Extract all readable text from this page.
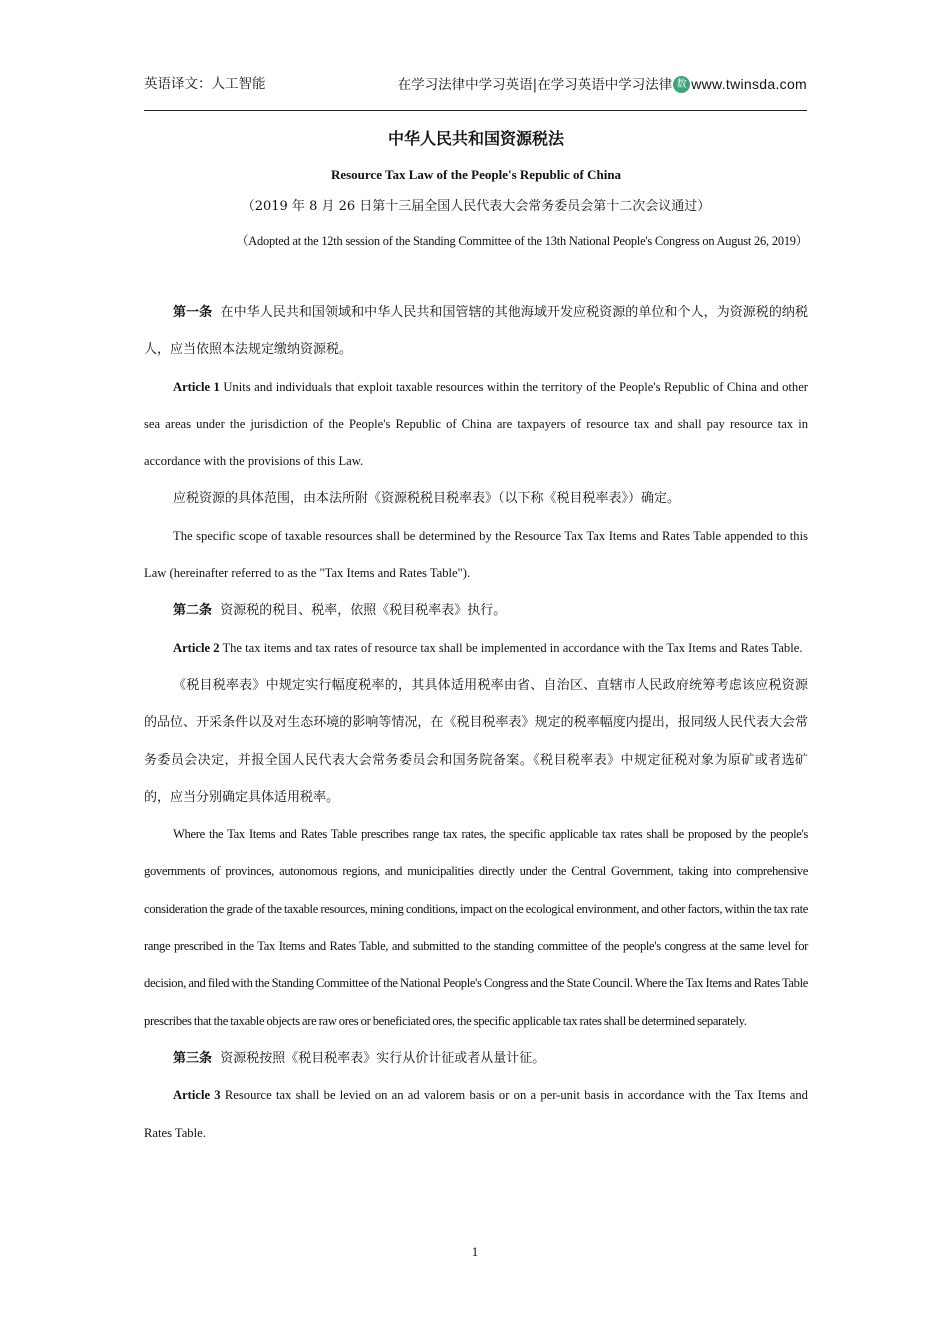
英语译文：人工智能	在学习法律中学习英语|在学习英语中学习法律 数 www.twinsda.com
中华人民共和国资源税法
Resource Tax Law of the People's Republic of China
（2019 年 8 月 26 日第十三届全国人民代表大会常务委员会第十二次会议通过）
（Adopted at the 12th session of the Standing Committee of the 13th National People's Congress on August 26, 2019）

第一条 在中华人民共和国领域和中华人民共和国管辖的其他海域开发应税资源的单位和个人，为资源税的纳税人，应当依照本法规定缴纳资源税。

Article 1 Units and individuals that exploit taxable resources within the territory of the People's Republic of China and other sea areas under the jurisdiction of the People's Republic of China are taxpayers of resource tax and shall pay resource tax in accordance with the provisions of this Law.

应税资源的具体范围，由本法所附《资源税税目税率表》（以下称《税目税率表》）确定。

The specific scope of taxable resources shall be determined by the Resource Tax Tax Items and Rates Table appended to this Law (hereinafter referred to as the "Tax Items and Rates Table").

第二条 资源税的税目、税率，依照《税目税率表》执行。

Article 2 The tax items and tax rates of resource tax shall be implemented in accordance with the Tax Items and Rates Table.

《税目税率表》中规定实行幅度税率的，其具体适用税率由省、自治区、直辖市人民政府统筹考虑该应税资源的品位、开采条件以及对生态环境的影响等情况，在《税目税率表》规定的税率幅度内提出，报同级人民代表大会常务委员会决定，并报全国人民代表大会常务委员会和国务院备案。《税目税率表》中规定征税对象为原矿或者选矿的，应当分别确定具体适用税率。

Where the Tax Items and Rates Table prescribes range tax rates, the specific applicable tax rates shall be proposed by the people's governments of provinces, autonomous regions, and municipalities directly under the Central Government, taking into comprehensive consideration the grade of the taxable resources, mining conditions, impact on the ecological environment, and other factors, within the tax rate range prescribed in the Tax Items and Rates Table, and submitted to the standing committee of the people's congress at the same level for decision, and filed with the Standing Committee of the National People's Congress and the State Council. Where the Tax Items and Rates Table prescribes that the taxable objects are raw ores or beneficiated ores, the specific applicable tax rates shall be determined separately.

第三条 资源税按照《税目税率表》实行从价计征或者从量计征。

Article 3 Resource tax shall be levied on an ad valorem basis or on a per-unit basis in accordance with the Tax Items and Rates Table.

1
